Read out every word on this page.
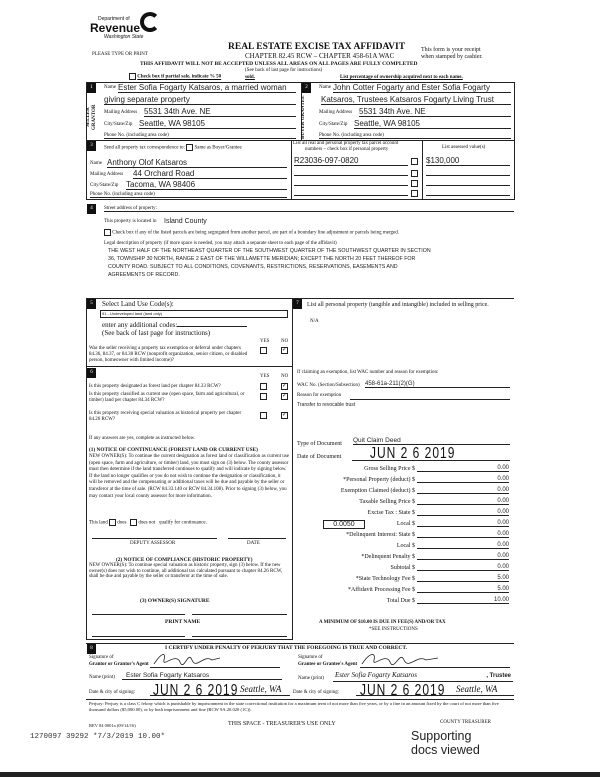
Department of
Revenue
Washington State
PLEASE TYPE OR PRINT
REAL ESTATE EXCISE TAX AFFIDAVIT
CHAPTER 82.45 RCW – CHAPTER 458-61A WAC
THIS AFFIDAVIT WILL NOT BE ACCEPTED UNLESS ALL AREAS ON ALL PAGES ARE FULLY COMPLETED
(See back of last page for instructions)
This form is your receipt
when stamped by cashier.
Check box if partial sale, indicate % 50	sold.	List percentage of ownership acquired next to each name.
1
SELLER GRANTOR
Name Ester Sofia Fogarty Katsaros, a married woman
giving separate property
Mailing Address 5531 34th Ave. NE
City/State/Zip Seattle, WA 98105
Phone No. (including area code)
2
BUYER GRANTEE
Name John Cotter Fogarty and Ester Sofia Fogarty
Katsaros, Trustees Katsaros Fogarty Living Trust
Mailing Address 5531 34th Ave. NE
City/State/Zip Seattle, WA 98105
Phone No. (including area code)
3
Send all property tax correspondence to: Same as Buyer/Grantee
Name Anthony Olof Katsaros
Mailing Address 44 Orchard Road
City/State/Zip Tacoma, WA 98406
Phone No. (including area code)
List all real and personal property tax parcel account
numbers – check box if personal property
R23036-097-0820
List assessed value(s)
$130,000
4	Street address of property:
This property is located in Island County
Check box if any of the listed parcels are being segregated from another parcel, are part of a boundary line adjustment or parcels being merged.
Legal description of property (if more space is needed, you may attach a separate sheet to each page of the affidavit)
THE WEST HALF OF THE NORTHEAST QUARTER OF THE SOUTHWEST QUARTER OF THE SOUTHWEST QUARTER IN SECTION
36, TOWNSHIP 30 NORTH, RANGE 2 EAST OF THE WILLAMETTE MERIDIAN; EXCEPT THE NORTH 20 FEET THEREOF FOR
COUNTY ROAD. SUBJECT TO ALL CONDITIONS, COVENANTS, RESTRICTIONS, RESERVATIONS, EASEMENTS AND
AGREEMENTS OF RECORD.
5	Select Land Use Code(s):
91 - Undeveloped land (land only)
enter any additional codes:
(See back of last page for instructions)
YES NO
Was the seller receiving a property tax exemption or deferral under chapters 84.36, 84.37, or 84.38 RCW (nonprofit organization, senior citizen, or disabled person, homeowner with limited income)?
✓
6
YES NO
Is this property designated as forest land per chapter 84.33 RCW?	✓
Is this property classified as current use (open space, farm and agricultural, or timber) land per chapter 84.34 RCW?
✓
Is this property receiving special valuation as historical property per chapter 84.26 RCW?
✓
If any answers are yes, complete as instructed below.
(1) NOTICE OF CONTINUANCE (FOREST LAND OR CURRENT USE)
NEW OWNER(S): To continue the current designation as forest land or classification as current use (open space, farm and agriculture, or timber) land, you must sign on (3) below. The county assessor must then determine if the land transferred continues to qualify and will indicate by signing below. If the land no longer qualifies or you do not wish to continue the designation or classification, it will be removed and the compensating or additional taxes will be due and payable by the seller or transferor at the time of sale. (RCW 84.33.140 or RCW 84.34.108). Prior to signing (3) below, you may contact your local county assessor for more information.
This land does does not qualify for continuance.
DEPUTY ASSESSOR	DATE
(2) NOTICE OF COMPLIANCE (HISTORIC PROPERTY)
NEW OWNER(S): To continue special valuation as historic property, sign (3) below. If the new owner(s) does not wish to continue, all additional tax calculated pursuant to chapter 84.26 RCW, shall be due and payable by the seller or transferor at the time of sale.
(3) OWNER(S) SIGNATURE
PRINT NAME
7	List all personal property (tangible and intangible) included in selling price.
N/A
If claiming an exemption, list WAC number and reason for exemption:
WAC No. (Section/Subsection) 458-61a-211(2)(G)
Reason for exemption
Transfer to revocable trust
Type of Document Quit Claim Deed
Date of Document JUN 2 6 2019
Gross Selling Price $	0.00
*Personal Property (deduct) $	0.00
Exemption Claimed (deduct) $	0.00
Taxable Selling Price $	0.00
Excise Tax : State $	0.00
Local $	0.00
*Delinquent Interest: State $	0.00
Local $	0.00
*Delinquent Penalty $	0.00
Subtotal $	0.00
*State Technology Fee $	5.00
*Affidavit Processing Fee $	5.00
Total Due $	10.00
0.0050
A MINIMUM OF $10.00 IS DUE IN FEE(S) AND/OR TAX
*SEE INSTRUCTIONS
8	I CERTIFY UNDER PENALTY OF PERJURY THAT THE FOREGOING IS TRUE AND CORRECT.
Signature of
Grantor or Grantor's Agent
Signature of
Grantee or Grantee's Agent
Name (print)	Ester Sofia Fogarty Katsaros	Name (print) Ester Sofia Fogarty Katsaros	, Trustee
Date & city of signing: JUN 2 6 2019 Seattle, WA Date & city of signing: JUN 2 6 2019 Seattle, WA
Perjury: Perjury is a class C felony which is punishable by imprisonment in the state correctional institution for a maximum term of not more than five years, or by a fine in an amount fixed by the court of not more than five thousand dollars ($5,000.00), or by both imprisonment and fine (RCW 9A.20.020 (1C)).
REV 84 0001a (09/14/16)	THIS SPACE - TREASURER'S USE ONLY	COUNTY TREASURER
Supporting docs viewed
1270097 39292 *7/3/2019 10.00*
